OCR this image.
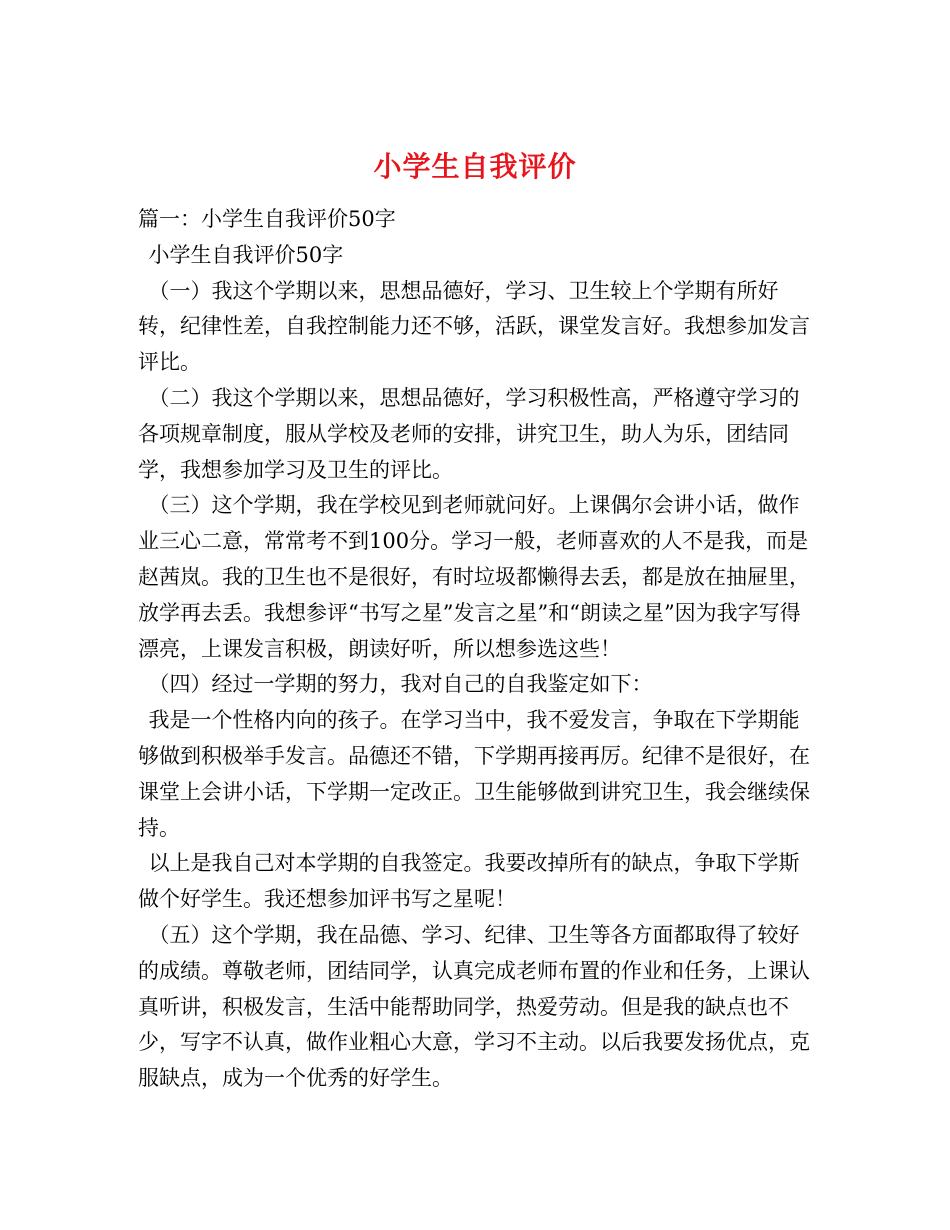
小学生自我评价

篇一：小学生自我评价50字

小学生自我评价50字

（一）我这个学期以来，思想品德好，学习、卫生较上个学期有所好转，纪律性差，自我控制能力还不够，活跃，课堂发言好。我想参加发言评比。

（二）我这个学期以来，思想品德好，学习积极性高，严格遵守学习的各项规章制度，服从学校及老师的安排，讲究卫生，助人为乐，团结同学，我想参加学习及卫生的评比。

（三）这个学期，我在学校见到老师就问好。上课偶尔会讲小话，做作业三心二意，常常考不到100分。学习一般，老师喜欢的人不是我，而是赵茜岚。我的卫生也不是很好，有时垃圾都懒得去丢，都是放在抽屉里，放学再去丢。我想参评“书写之星”发言之星”和“朗读之星”因为我字写得漂亮，上课发言积极，朗读好听，所以想参选这些！

（四）经过一学期的努力，我对自己的自我鉴定如下：

我是一个性格内向的孩子。在学习当中，我不爱发言，争取在下学期能够做到积极举手发言。品德还不错，下学期再接再厉。纪律不是很好，在课堂上会讲小话，下学期一定改正。卫生能够做到讲究卫生，我会继续保持。

以上是我自己对本学期的自我签定。我要改掉所有的缺点，争取下学斯做个好学生。我还想参加评书写之星呢！

（五）这个学期，我在品德、学习、纪律、卫生等各方面都取得了较好的成绩。尊敬老师，团结同学，认真完成老师布置的作业和任务，上课认真听讲，积极发言，生活中能帮助同学，热爱劳动。但是我的缺点也不少，写字不认真，做作业粗心大意，学习不主动。以后我要发扬优点，克服缺点，成为一个优秀的好学生。
